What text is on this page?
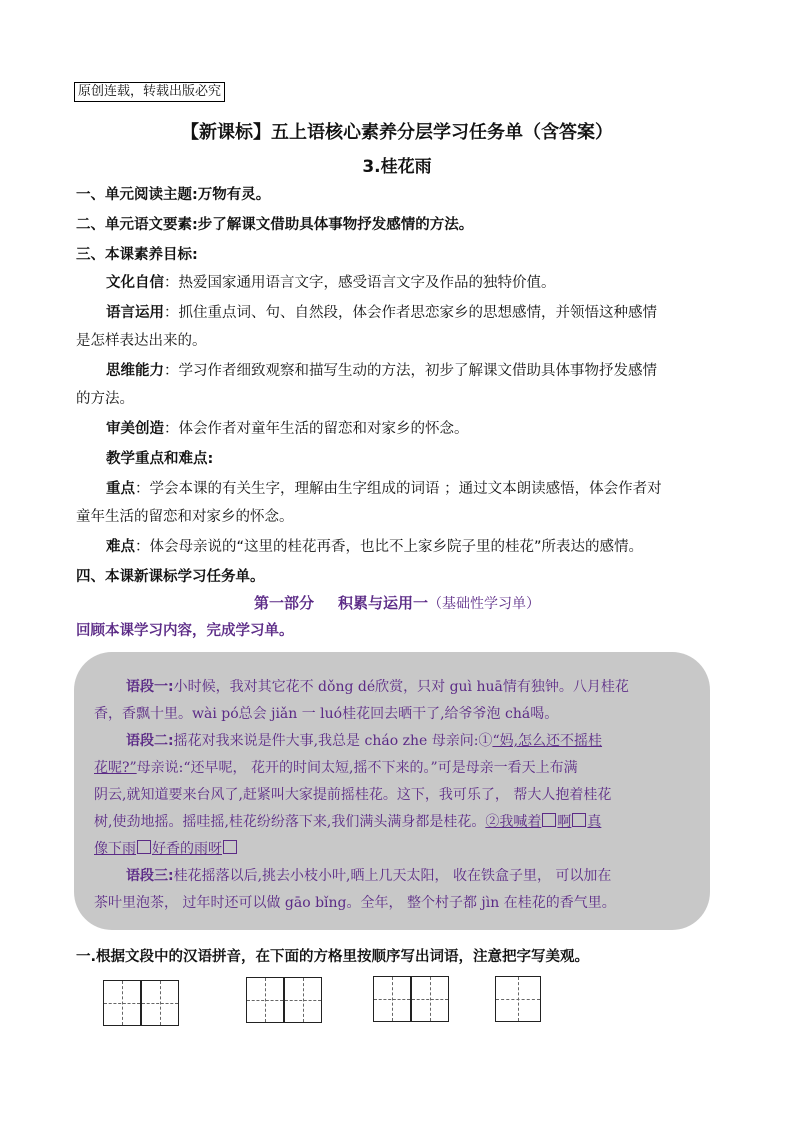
原创连载，转载出版必究
【新课标】五上语核心素养分层学习任务单（含答案）
3.桂花雨
一、单元阅读主题:万物有灵。
二、单元语文要素:步了解课文借助具体事物抒发感情的方法。
三、本课素养目标:
文化自信：热爱国家通用语言文字，感受语言文字及作品的独特价值。
语言运用：抓住重点词、句、自然段，体会作者思恋家乡的思想感情，并领悟这种感情
是怎样表达出来的。
思维能力：学习作者细致观察和描写生动的方法，初步了解课文借助具体事物抒发感情
的方法。
审美创造：体会作者对童年生活的留恋和对家乡的怀念。
教学重点和难点:
重点：学会本课的有关生字，理解由生字组成的词语 ；通过文本朗读感悟，体会作者对
童年生活的留恋和对家乡的怀念。
难点：体会母亲说的“这里的桂花再香，也比不上家乡院子里的桂花”所表达的感情。
四、本课新课标学习任务单。
第一部分 积累与运用一（基础性学习单）
回顾本课学习内容，完成学习单。
语段一:小时候，我对其它花不 dǒng dé欣赏，只对 guì huā情有独钟。八月桂花
香，香飘十里。wài pó总会 jiǎn 一 luó桂花回去晒干了,给爷爷泡 chá喝。
语段二:摇花对我来说是件大事,我总是 cháo zhe 母亲问:①“妈,怎么还不摇桂
花呢?”母亲说:“还早呢， 花开的时间太短,摇不下来的。”可是母亲一看天上布满
阴云,就知道要来台风了,赶紧叫大家提前摇桂花。这下，我可乐了， 帮大人抱着桂花
树,使劲地摇。摇哇摇,桂花纷纷落下来,我们满头满身都是桂花。②我喊着 啊 真
像下雨 好香的雨呀
语段三:桂花摇落以后,挑去小枝小叶,晒上几天太阳， 收在铁盒子里， 可以加在
茶叶里泡茶， 过年时还可以做 gāo bǐng。全年， 整个村子都 jìn 在桂花的香气里。
一.根据文段中的汉语拼音，在下面的方格里按顺序写出词语，注意把字写美观。
